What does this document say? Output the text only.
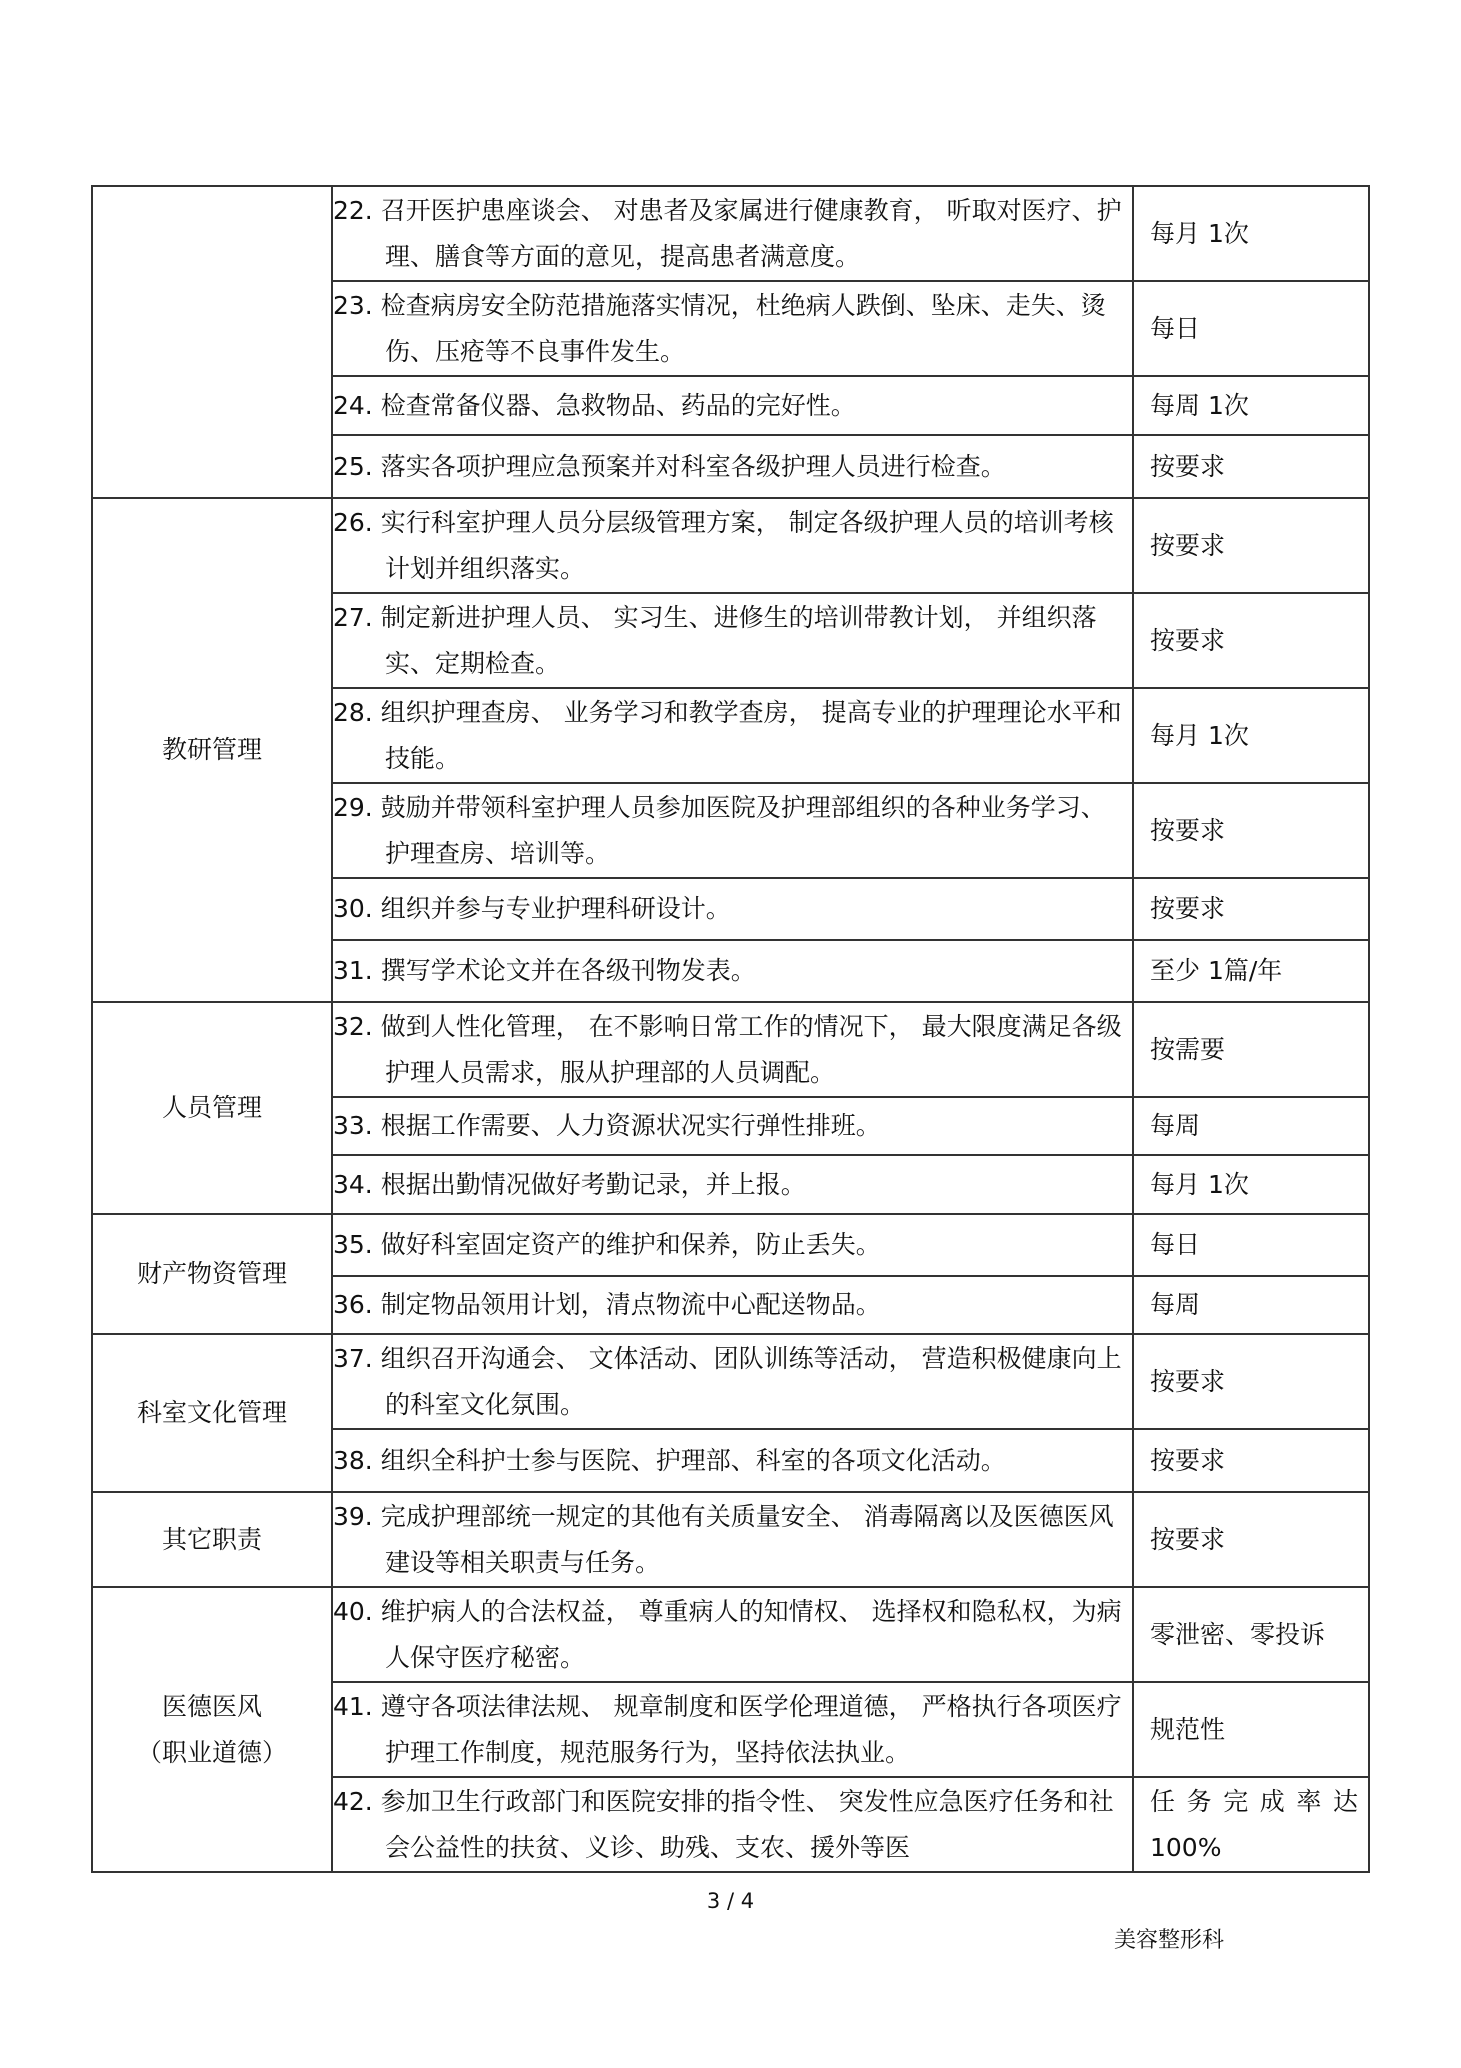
	22. 召开医护患座谈会、 对患者及家属进行健康教育， 听取对医疗、护理、膳食等方面的意见，提高患者满意度。	每月 1次
	23. 检查病房安全防范措施落实情况，杜绝病人跌倒、坠床、走失、烫伤、压疮等不良事件发生。	每日
	24. 检查常备仪器、急救物品、药品的完好性。	每周 1次
	25. 落实各项护理应急预案并对科室各级护理人员进行检查。	按要求
教研管理	26. 实行科室护理人员分层级管理方案， 制定各级护理人员的培训考核计划并组织落实。	按要求
	27. 制定新进护理人员、 实习生、进修生的培训带教计划， 并组织落实、定期检查。	按要求
	28. 组织护理查房、 业务学习和教学查房， 提高专业的护理理论水平和技能。	每月 1次
	29. 鼓励并带领科室护理人员参加医院及护理部组织的各种业务学习、护理查房、培训等。	按要求
	30. 组织并参与专业护理科研设计。	按要求
	31. 撰写学术论文并在各级刊物发表。	至少 1篇/年
人员管理	32. 做到人性化管理， 在不影响日常工作的情况下， 最大限度满足各级护理人员需求，服从护理部的人员调配。	按需要
	33. 根据工作需要、人力资源状况实行弹性排班。	每周
	34. 根据出勤情况做好考勤记录，并上报。	每月 1次
财产物资管理	35. 做好科室固定资产的维护和保养，防止丢失。	每日
	36. 制定物品领用计划，清点物流中心配送物品。	每周
科室文化管理	37. 组织召开沟通会、 文体活动、团队训练等活动， 营造积极健康向上的科室文化氛围。	按要求
	38. 组织全科护士参与医院、护理部、科室的各项文化活动。	按要求
其它职责	39. 完成护理部统一规定的其他有关质量安全、 消毒隔离以及医德医风建设等相关职责与任务。	按要求

医德医风
（职业道德）	40. 维护病人的合法权益， 尊重病人的知情权、 选择权和隐私权，为病人保守医疗秘密。	零泄密、零投诉
	41. 遵守各项法律法规、 规章制度和医学伦理道德， 严格执行各项医疗护理工作制度，规范服务行为，坚持依法执业。	规范性
	42. 参加卫生行政部门和医院安排的指令性、 突发性应急医疗任务和社会公益性的扶贫、义诊、助残、支农、援外等医	任务完成率达100%
3 / 4
美容整形科
